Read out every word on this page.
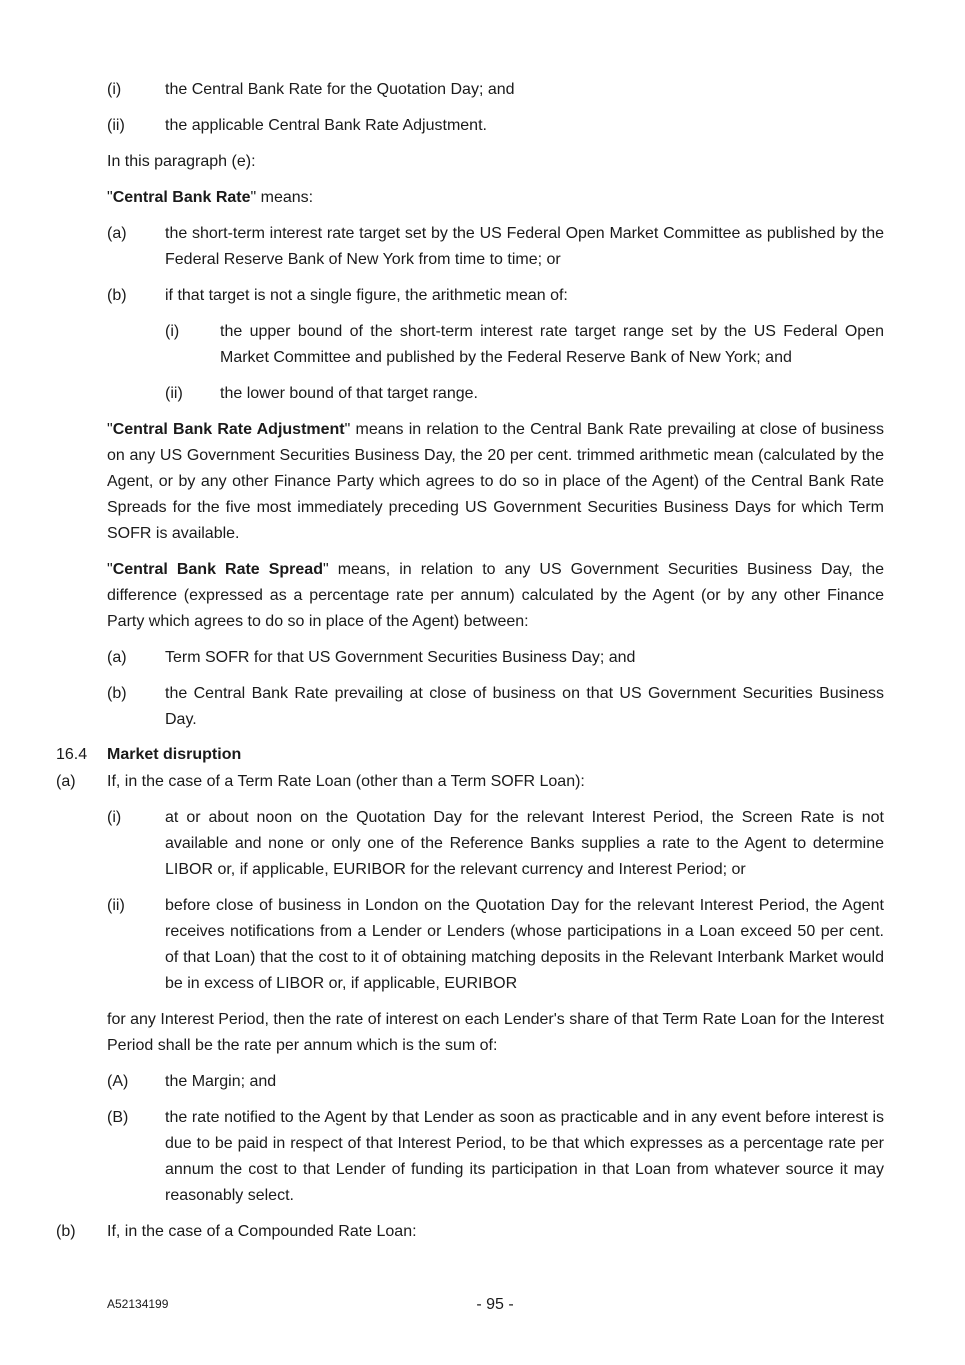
(i)	the Central Bank Rate for the Quotation Day; and
(ii)	the applicable Central Bank Rate Adjustment.
In this paragraph (e):
"Central Bank Rate" means:
(a) the short-term interest rate target set by the US Federal Open Market Committee as published by the Federal Reserve Bank of New York from time to time; or
(b) if that target is not a single figure, the arithmetic mean of:
(i)	the upper bound of the short-term interest rate target range set by the US Federal Open Market Committee and published by the Federal Reserve Bank of New York; and
(ii) the lower bound of that target range.
"Central Bank Rate Adjustment" means in relation to the Central Bank Rate prevailing at close of business on any US Government Securities Business Day, the 20 per cent. trimmed arithmetic mean (calculated by the Agent, or by any other Finance Party which agrees to do so in place of the Agent) of the Central Bank Rate Spreads for the five most immediately preceding US Government Securities Business Days for which Term SOFR is available.
"Central Bank Rate Spread" means, in relation to any US Government Securities Business Day, the difference (expressed as a percentage rate per annum) calculated by the Agent (or by any other Finance Party which agrees to do so in place of the Agent) between:
(a) Term SOFR for that US Government Securities Business Day; and
(b) the Central Bank Rate prevailing at close of business on that US Government Securities Business Day.
16.4 Market disruption
(a) If, in the case of a Term Rate Loan (other than a Term SOFR Loan):
(i)	at or about noon on the Quotation Day for the relevant Interest Period, the Screen Rate is not available and none or only one of the Reference Banks supplies a rate to the Agent to determine LIBOR or, if applicable, EURIBOR for the relevant currency and Interest Period; or
(ii)	before close of business in London on the Quotation Day for the relevant Interest Period, the Agent receives notifications from a Lender or Lenders (whose participations in a Loan exceed 50 per cent. of that Loan) that the cost to it of obtaining matching deposits in the Relevant Interbank Market would be in excess of LIBOR or, if applicable, EURIBOR
for any Interest Period, then the rate of interest on each Lender's share of that Term Rate Loan for the Interest Period shall be the rate per annum which is the sum of:
(A) the Margin; and
(B) the rate notified to the Agent by that Lender as soon as practicable and in any event before interest is due to be paid in respect of that Interest Period, to be that which expresses as a percentage rate per annum the cost to that Lender of funding its participation in that Loan from whatever source it may reasonably select.
(b) If, in the case of a Compounded Rate Loan:
A52134199	- 95 -
